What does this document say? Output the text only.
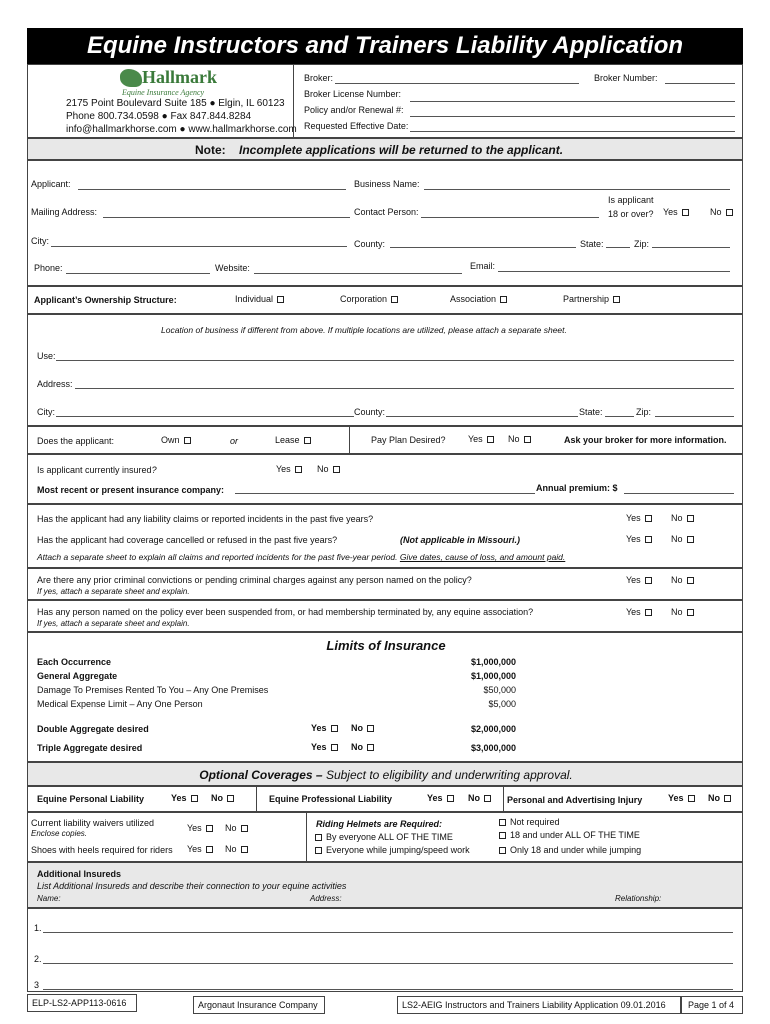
Equine Instructors and Trainers Liability Application
Hallmark
Equine Insurance Agency
2175 Point Boulevard Suite 185 ● Elgin, IL 60123
Phone 800.734.0598 ● Fax 847.844.8284
info@hallmarkhorse.com ● www.hallmarkhorse.com
Broker:	Broker Number:
Broker License Number:
Policy and/or Renewal #:
Requested Effective Date:
Note: Incomplete applications will be returned to the applicant.
Applicant:	Business Name:
Is applicant
18 or over? Yes	No
Mailing Address:	Contact Person:
City:	County:	State:	Zip:
Phone:	Website:	Email:
Applicant’s Ownership Structure:	Individual	Corporation	Association	Partnership
Location of business if different from above. If multiple locations are utilized, please attach a separate sheet.
Use:
Address:
City:	County:	State:	Zip:
Does the applicant:	Own	or	Lease	Pay Plan Desired? Yes	No	Ask your broker for more information.
Is applicant currently insured?	Yes	No
Most recent or present insurance company:	Annual premium: $
Has the applicant had any liability claims or reported incidents in the past five years?	Yes	No
Has the applicant had coverage cancelled or refused in the past five years?	(Not applicable in Missouri.)	Yes	No
Attach a separate sheet to explain all claims and reported incidents for the past five-year period. Give dates, cause of loss, and amount paid.
Are there any prior criminal convictions or pending criminal charges against any person named on the policy?
If yes, attach a separate sheet and explain.
Yes	No
Has any person named on the policy ever been suspended from, or had membership terminated by, any equine association?
If yes, attach a separate sheet and explain.
Yes	No
Limits of Insurance
Each Occurrence	$1,000,000
General Aggregate	$1,000,000
Damage To Premises Rented To You – Any One Premises	$50,000
Medical Expense Limit – Any One Person	$5,000
Double Aggregate desired	Yes	No	$2,000,000
Triple Aggregate desired	Yes	No	$3,000,000
Optional Coverages – Subject to eligibility and underwriting approval.
Equine Personal Liability	Yes	No	Equine Professional Liability	Yes	No	Personal and Advertising Injury	Yes	No
Current liability waivers utilized
Enclose copies.
Yes	No
Shoes with heels required for riders Yes	No
Riding Helmets are Required:
By everyone ALL OF THE TIME
Everyone while jumping/speed work
Not required
18 and under ALL OF THE TIME
Only 18 and under while jumping
Additional Insureds
List Additional Insureds and describe their connection to your equine activities
Name:	Address:	Relationship:
1.
2.
3
ELP-LS2-APP113-0616	Argonaut Insurance Company	LS2-AEIG Instructors and Trainers Liability Application 09.01.2016 Page 1 of 4
